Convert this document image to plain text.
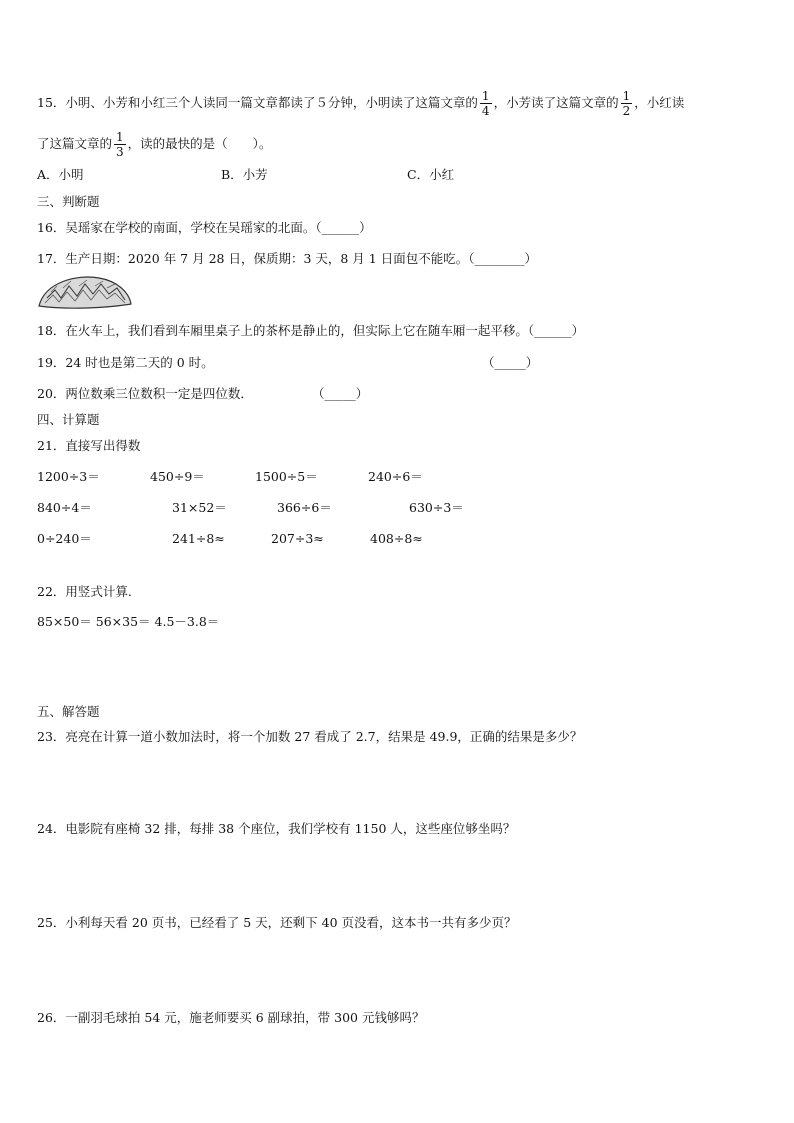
15．小明、小芳和小红三个人读同一篇文章都读了５分钟，小明读了这篇文章的 $\frac{1}{4}$ ，小芳读了这篇文章的 $\frac{1}{2}$ ，小红读
了这篇文章的 $\frac{1}{3}$ ，读的最快的是（　　）。
A．小明	B．小芳	C．小红
三、判断题
16．吴瑶家在学校的南面，学校在吴瑶家的北面。（______）
17．生产日期：2020 年 7 月 28 日，保质期：3 天，8 月 1 日面包不能吃。（________）
18．在火车上，我们看到车厢里桌子上的茶杯是静止的，但实际上它在随车厢一起平移。（______）
19．24 时也是第二天的 0 时。	（_____）
20．两位数乘三位数积一定是四位数．	（_____）
四、计算题
21．直接写出得数
1200÷3＝	450÷9＝	1500÷5＝	240÷6＝
840÷4＝	31×52＝	366÷6＝	630÷3＝
0÷240＝	241÷8≈	207÷3≈	408÷8≈
22．用竖式计算.
85×50＝ 56×35＝ 4.5－3.8＝
五、解答题
23．亮亮在计算一道小数加法时，将一个加数 27 看成了 2.7，结果是 49.9，正确的结果是多少？
24．电影院有座椅 32 排，每排 38 个座位，我们学校有 1150 人，这些座位够坐吗？
25．小利每天看 20 页书，已经看了 5 天，还剩下 40 页没看，这本书一共有多少页？
26．一副羽毛球拍 54 元，施老师要买 6 副球拍，带 300 元钱够吗？
